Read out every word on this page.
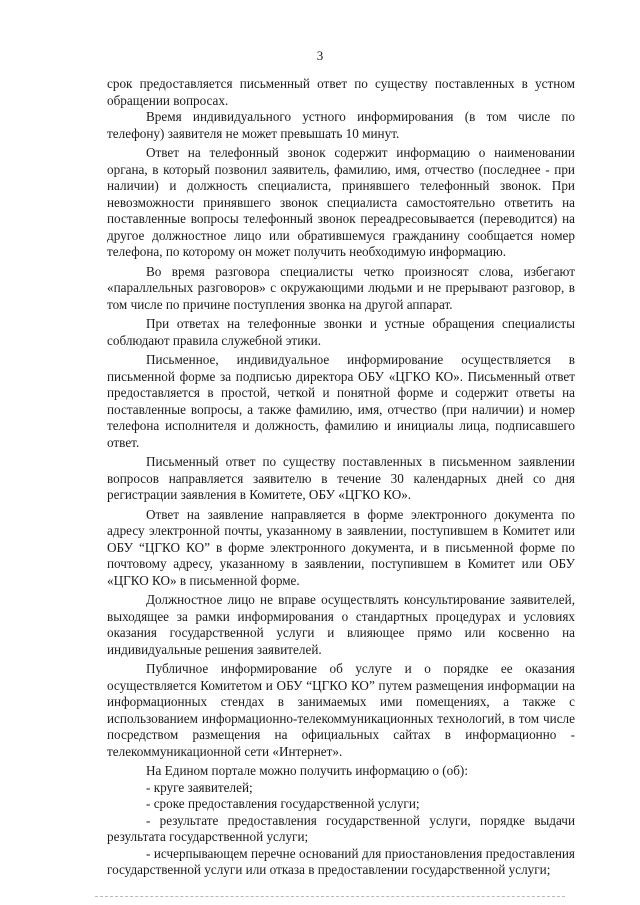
3

срок предоставляется письменный ответ по существу поставленных в устном обращении вопросах.

Время индивидуального устного информирования (в том числе по телефону) заявителя не может превышать 10 минут.

Ответ на телефонный звонок содержит информацию о наименовании органа, в который позвонил заявитель, фамилию, имя, отчество (последнее - при наличии) и должность специалиста, принявшего телефонный звонок. При невозможности принявшего звонок специалиста самостоятельно ответить на поставленные вопросы телефонный звонок переадресовывается (переводится) на другое должностное лицо или обратившемуся гражданину сообщается номер телефона, по которому он может получить необходимую информацию.

Во время разговора специалисты четко произносят слова, избегают «параллельных разговоров» с окружающими людьми и не прерывают разговор, в том числе по причине поступления звонка на другой аппарат.

При ответах на телефонные звонки и устные обращения специалисты соблюдают правила служебной этики.

Письменное, индивидуальное информирование осуществляется в письменной форме за подписью директора ОБУ «ЦГКО КО». Письменный ответ предоставляется в простой, четкой и понятной форме и содержит ответы на поставленные вопросы, а также фамилию, имя, отчество (при наличии) и номер телефона исполнителя и должность, фамилию и инициалы лица, подписавшего ответ.

Письменный ответ по существу поставленных в письменном заявлении вопросов направляется заявителю в течение 30 календарных дней со дня регистрации заявления в Комитете, ОБУ «ЦГКО КО».

Ответ на заявление направляется в форме электронного документа по адресу электронной почты, указанному в заявлении, поступившем в Комитет или ОБУ “ЦГКО КО” в форме электронного документа, и в письменной форме по почтовому адресу, указанному в заявлении, поступившем в Комитет или ОБУ «ЦГКО КО» в письменной форме.

Должностное лицо не вправе осуществлять консультирование заявителей, выходящее за рамки информирования о стандартных процедурах и условиях оказания государственной услуги и влияющее прямо или косвенно на индивидуальные решения заявителей.

Публичное информирование об услуге и о порядке ее оказания осуществляется Комитетом и ОБУ “ЦГКО КО” путем размещения информации на информационных стендах в занимаемых ими помещениях, а также с использованием информационно-телекоммуникационных технологий, в том числе посредством размещения на официальных сайтах в информационно - телекоммуникационной сети «Интернет».

На Едином портале можно получить информацию о (об):

- круге заявителей;

- сроке предоставления государственной услуги;

- результате предоставления государственной услуги, порядке выдачи результата государственной услуги;

- исчерпывающем перечне оснований для приостановления предоставления государственной услуги или отказа в предоставлении государственной услуги;
